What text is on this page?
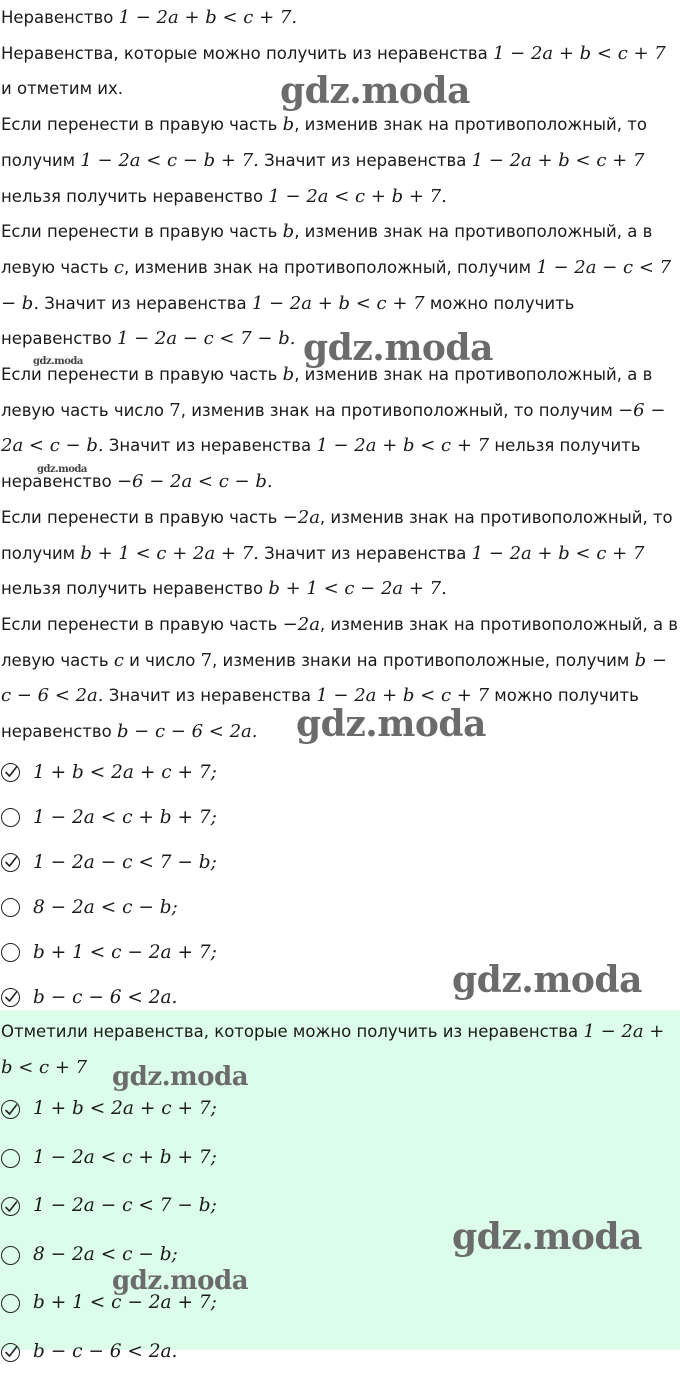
Неравенство 1 − 2a + b < c + 7.

Неравенства, которые можно получить из неравенства 1 − 2a + b < c + 7 и отметим их.

Если перенести в правую часть b, изменив знак на противоположный, то получим 1 − 2a < c − b + 7. Значит из неравенства 1 − 2a + b < c + 7 нельзя получить неравенство 1 − 2a < c + b + 7.

Если перенести в правую часть b, изменив знак на противоположный, а в левую часть c, изменив знак на противоположный, получим 1 − 2a − c < 7 − b. Значит из неравенства 1 − 2a + b < c + 7 можно получить неравенство 1 − 2a − c < 7 − b.

Если перенести в правую часть b, изменив знак на противоположный, а в левую часть число 7, изменив знак на противоположный, то получим −6 − 2a < c − b. Значит из неравенства 1 − 2a + b < c + 7 нельзя получить неравенство −6 − 2a < c − b.

Если перенести в правую часть −2a, изменив знак на противоположный, то получим b + 1 < c + 2a + 7. Значит из неравенства 1 − 2a + b < c + 7 нельзя получить неравенство b + 1 < c − 2a + 7.

Если перенести в правую часть −2a, изменив знак на противоположный, а в левую часть c и число 7, изменив знаки на противоположные, получим b − c − 6 < 2a. Значит из неравенства 1 − 2a + b < c + 7 можно получить неравенство b − c − 6 < 2a.

1 + b < 2a + c + 7;
1 − 2a < c + b + 7;
1 − 2a − c < 7 − b;
8 − 2a < c − b;
b + 1 < c − 2a + 7;
b − c − 6 < 2a.

Отметили неравенства, которые можно получить из неравенства 1 − 2a + b < c + 7

1 + b < 2a + c + 7;
1 − 2a < c + b + 7;
1 − 2a − c < 7 − b;
8 − 2a < c − b;
b + 1 < c − 2a + 7;
b − c − 6 < 2a.
gdz.moda
gdz.moda
gdz.moda
gdz.moda
gdz.moda
gdz.moda
gdz.moda
gdz.moda
gdz.moda
